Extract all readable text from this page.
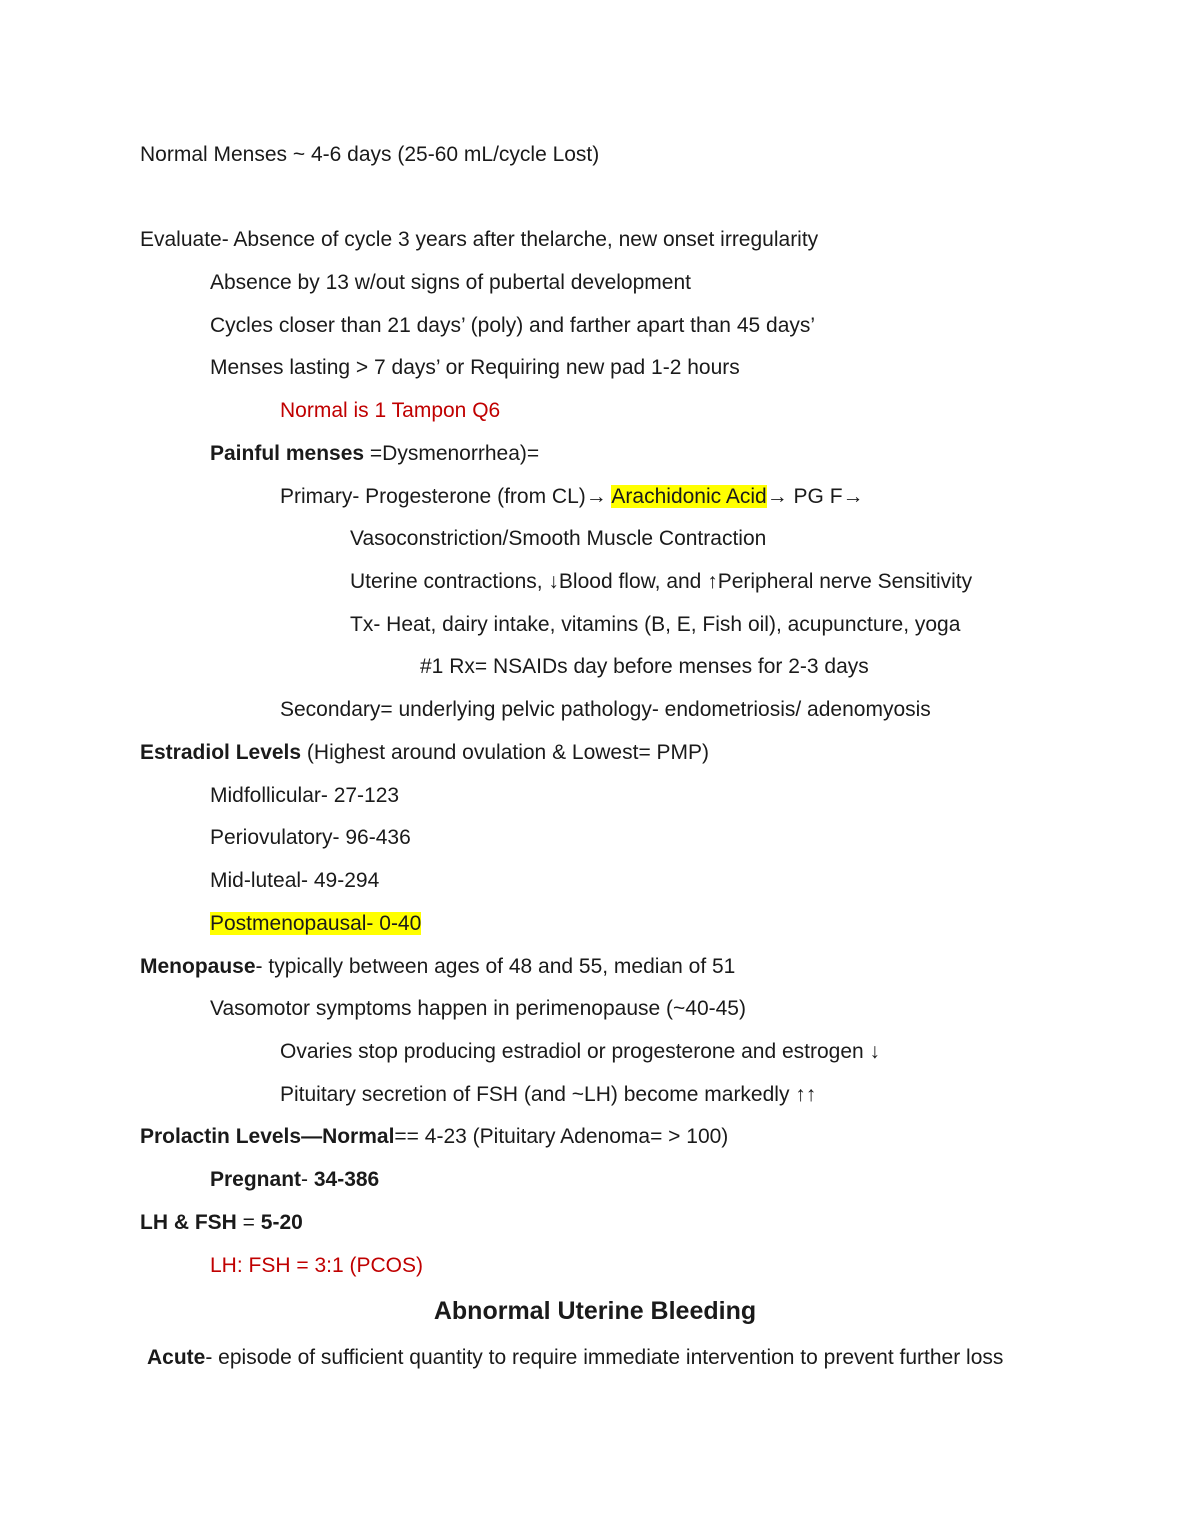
Normal Menses ~ 4-6 days (25-60 mL/cycle Lost)
Evaluate- Absence of cycle 3 years after thelarche, new onset irregularity
Absence by 13 w/out signs of pubertal development
Cycles closer than 21 days’ (poly) and farther apart than 45 days’
Menses lasting > 7 days’ or Requiring new pad 1-2 hours
Normal is 1 Tampon Q6
Painful menses =Dysmenorrhea)=
Primary- Progesterone (from CL)→ Arachidonic Acid→ PG F→
Vasoconstriction/Smooth Muscle Contraction
Uterine contractions, ↓Blood flow, and ↑Peripheral nerve Sensitivity
Tx- Heat, dairy intake, vitamins (B, E, Fish oil), acupuncture, yoga
#1 Rx= NSAIDs day before menses for 2-3 days
Secondary= underlying pelvic pathology- endometriosis/ adenomyosis
Estradiol Levels (Highest around ovulation & Lowest= PMP)
Midfollicular- 27-123
Periovulatory- 96-436
Mid-luteal- 49-294
Postmenopausal- 0-40
Menopause- typically between ages of 48 and 55, median of 51
Vasomotor symptoms happen in perimenopause (~40-45)
Ovaries stop producing estradiol or progesterone and estrogen ↓
Pituitary secretion of FSH (and ~LH) become markedly ↑↑
Prolactin Levels—Normal== 4-23 (Pituitary Adenoma= > 100)
Pregnant- 34-386
LH & FSH = 5-20
LH: FSH = 3:1 (PCOS)
Abnormal Uterine Bleeding
Acute- episode of sufficient quantity to require immediate intervention to prevent further loss
